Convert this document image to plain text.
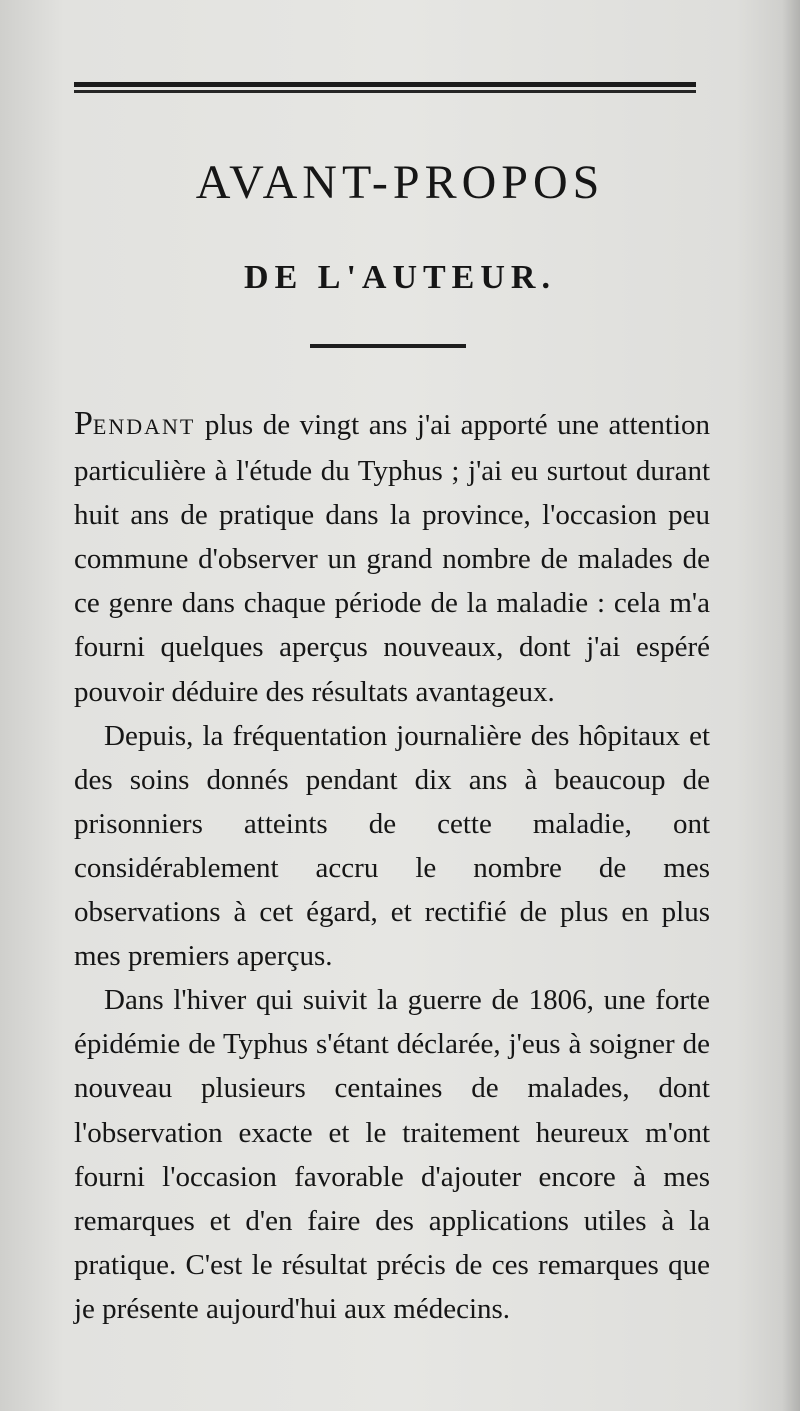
AVANT-PROPOS
DE L'AUTEUR.

PENDANT plus de vingt ans j'ai apporté une attention particulière à l'étude du Typhus ; j'ai eu surtout durant huit ans de pratique dans la province, l'occasion peu commune d'observer un grand nombre de malades de ce genre dans chaque période de la maladie : cela m'a fourni quelques aperçus nouveaux, dont j'ai espéré pouvoir déduire des résultats avantageux.

Depuis, la fréquentation journalière des hôpitaux et des soins donnés pendant dix ans à beaucoup de prisonniers atteints de cette maladie, ont considérablement accru le nombre de mes observations à cet égard, et rectifié de plus en plus mes premiers aperçus.

Dans l'hiver qui suivit la guerre de 1806, une forte épidémie de Typhus s'étant déclarée, j'eus à soigner de nouveau plusieurs centaines de malades, dont l'observation exacte et le traitement heureux m'ont fourni l'occasion favorable d'ajouter encore à mes remarques et d'en faire des applications utiles à la pratique. C'est le résultat précis de ces remarques que je présente aujourd'hui aux médecins.
